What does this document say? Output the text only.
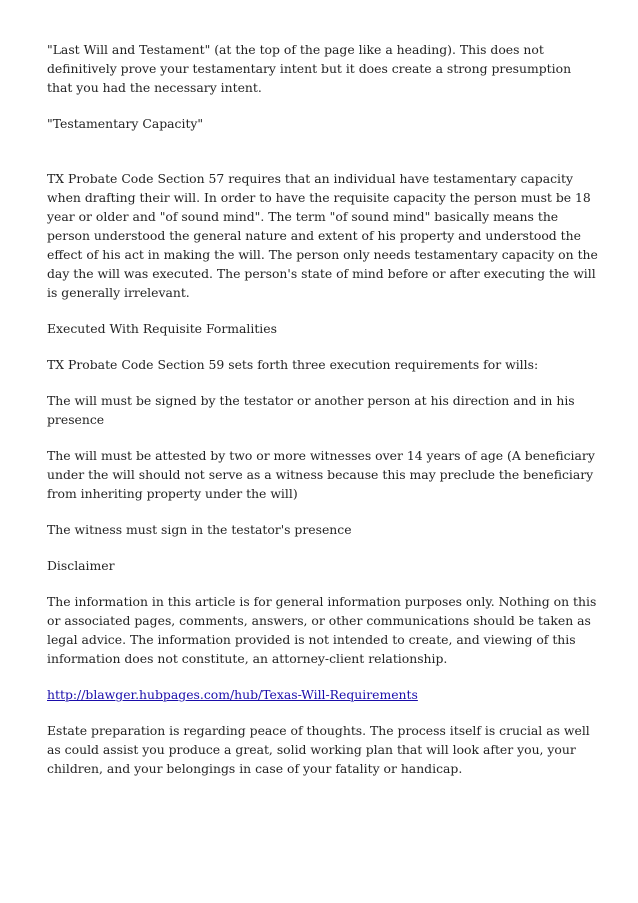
"Last Will and Testament" (at the top of the page like a heading). This does not definitively prove your testamentary intent but it does create a strong presumption that you had the necessary intent.

"Testamentary Capacity"

TX Probate Code Section 57 requires that an individual have testamentary capacity when drafting their will. In order to have the requisite capacity the person must be 18 year or older and "of sound mind". The term "of sound mind" basically means the person understood the general nature and extent of his property and understood the effect of his act in making the will. The person only needs testamentary capacity on the day the will was executed. The person's state of mind before or after executing the will is generally irrelevant.

Executed With Requisite Formalities

TX Probate Code Section 59 sets forth three execution requirements for wills:

The will must be signed by the testator or another person at his direction and in his presence

The will must be attested by two or more witnesses over 14 years of age (A beneficiary under the will should not serve as a witness because this may preclude the beneficiary from inheriting property under the will)

The witness must sign in the testator's presence

Disclaimer

The information in this article is for general information purposes only. Nothing on this or associated pages, comments, answers, or other communications should be taken as legal advice. The information provided is not intended to create, and viewing of this information does not constitute, an attorney-client relationship.

http://blawger.hubpages.com/hub/Texas-Will-Requirements

Estate preparation is regarding peace of thoughts. The process itself is crucial as well as could assist you produce a great, solid working plan that will look after you, your children, and your belongings in case of your fatality or handicap.
